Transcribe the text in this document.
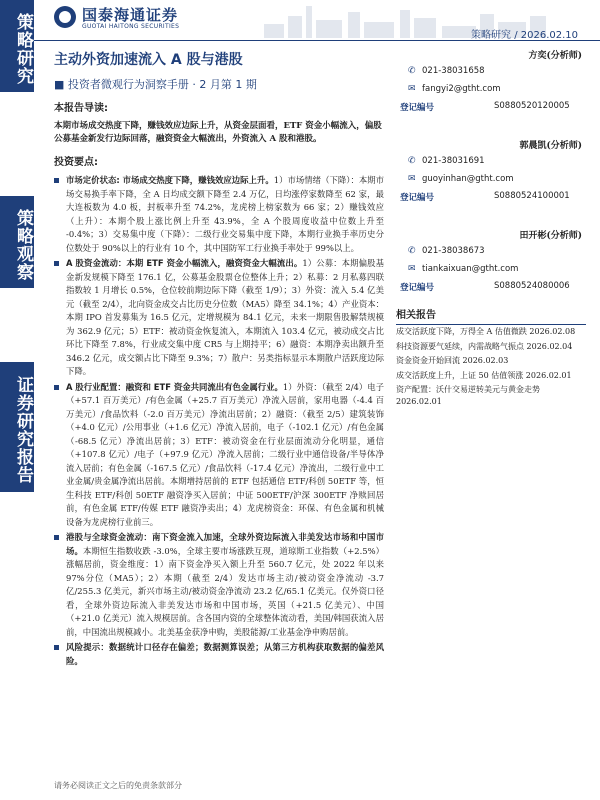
策略研究
策略观察
证券研究报告
国泰海通证券
GUOTAI HAITONG SECURITIES
策略研究 / 2026.02.10
主动外资加速流入 A 股与港股
■ 投资者微观行为洞察手册 · 2 月第 1 期
本报告导读:
本期市场成交热度下降，赚钱效应边际上升，从资金层面看，ETF 资金小幅流入，偏股公募基金新发行边际回落，融资资金大幅流出，外资流入 A 股和港股。
投资要点:
市场定价状态: 市场成交热度下降，赚钱效应边际上升。1）市场情绪（下降）：本期市场交易换手率下降，全 A 日均成交额下降至 2.4 万亿，日均涨停家数降至 62 家，最大连板数为 4.0 板，封板率升至 74.2%，龙虎榜上榜家数为 66 家；2）赚钱效应（上升）：本期个股上涨比例上升至 43.9%，全 A 个股周度收益中位数上升至 -0.4%；3）交易集中度（下降）：二级行业交易集中度下降，本期行业换手率历史分位数处于 90%以上的行业有 10 个，其中国防军工行业换手率处于 99%以上。
A 股资金流动：本期 ETF 资金小幅流入，融资资金大幅流出。1）公募：本期偏股基金新发规模下降至 176.1 亿，公募基金股票仓位整体上升；2）私募：2 月私募四联指数较 1 月增长 0.5%，仓位较前期边际下降（截至 1/9）；3）外资：流入 5.4 亿美元（截至 2/4），北向资金成交占比历史分位数（MA5）降至 34.1%；4）产业资本：本期 IPO 首发募集为 16.5 亿元，定增规模为 84.1 亿元，未来一期限售股解禁规模为 362.9 亿元；5）ETF：被动资金恢复流入，本期流入 103.4 亿元，被动成交占比环比下降至 7.8%，行业成交集中度 CR5 与上期持平；6）融资：本期净卖出额升至 346.2 亿元，成交额占比下降至 9.3%；7）散户：另类指标显示本期散户活跃度边际下降。
A 股行业配置：融资和 ETF 资金共同流出有色金属行业。1）外资：（截至 2/4）电子（+57.1 百万美元）/有色金属（+25.7 百万美元）净流入居前，家用电器（-4.4 百万美元）/食品饮料（-2.0 百万美元）净流出居前；2）融资：（截至 2/5）建筑装饰（+4.0 亿元）/公用事业（+1.6 亿元）净流入居前，电子（-102.1 亿元）/有色金属（-68.5 亿元）净流出居前；3）ETF：被动资金在行业层面流动分化明显，通信（+107.8 亿元）/电子（+97.9 亿元）净流入居前；二级行业中通信设备/半导体净流入居前；有色金属（-167.5 亿元）/食品饮料（-17.4 亿元）净流出，二级行业中工业金属/贵金属净流出居前。本期增持居前的 ETF 包括通信 ETF/科创 50ETF 等，恒生科技 ETF/科创 50ETF 融资净买入居前；中证 500ETF/沪深 300ETF 净赎回居前，有色金属 ETF/传媒 ETF 融资净卖出；4）龙虎榜资金：环保、有色金属和机械设备为龙虎榜行业前三。
港股与全球资金流动：南下资金流入加速，全球外资边际流入非美发达市场和中国市场。本期恒生指数收跌 -3.0%，全球主要市场涨跌互现，道琼斯工业指数（+2.5%）涨幅居前，资金维度：1）南下资金净买入额上升至 560.7 亿元，处 2022 年以来 97%分位（MA5）；2）本期（截至 2/4）发达市场主动/被动资金净流动 -3.7 亿/255.3 亿美元，新兴市场主动/被动资金净流动 23.2 亿/65.1 亿美元。仅外资口径看，全球外资边际流入非美发达市场和中国市场，英国（+21.5 亿美元）、中国（+21.0 亿美元）流入规模居前。含各国内资的全球整体流动看，美国/韩国获流入居前，中国流出规模减小。北美基金获净申购，美股能源/工业基金净申购居前。
风险提示：数据统计口径存在偏差；数据测算误差；从第三方机构获取数据的偏差风险。
方奕(分析师)
✆ 021-38031658
✉ fangyi2@gtht.com
登记编号	S0880520120005
郭晨凯(分析师)
✆ 021-38031691
✉ guoyinhan@gtht.com
登记编号	S0880524100001
田开彬(分析师)
✆ 021-38038673
✉ tiankaixuan@gtht.com
登记编号	S0880524080006
相关报告
成交活跃度下降，万得全 A 估值微跌 2026.02.08
科技资源要气延续，内需战略气振点 2026.02.04
资金资金开始回流 2026.02.03
成交活跃度上升，上证 50 估值领涨 2026.02.01
资产配置：沃什交易逆转美元与黄金走势 2026.02.01
请务必阅读正文之后的免责条款部分
